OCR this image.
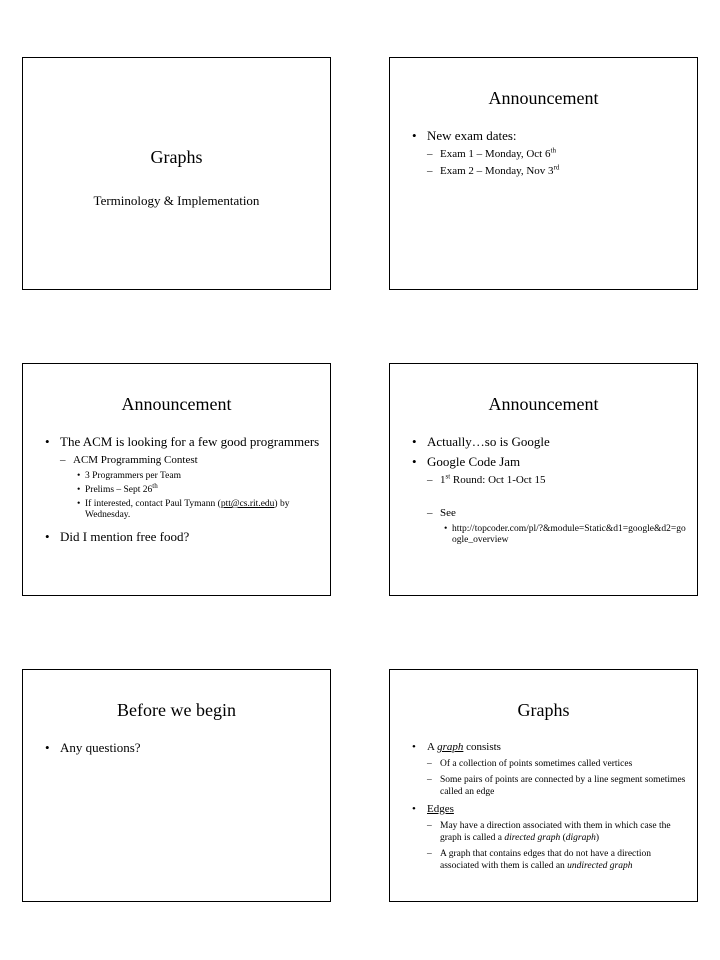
Graphs
Terminology & Implementation
Announcement
• New exam dates:
– Exam 1 – Monday, Oct 6th
– Exam 2 – Monday, Nov 3rd
Announcement
• The ACM is looking for a few good programmers
– ACM Programming Contest
• 3 Programmers per Team
• Prelims – Sept 26th
• If interested, contact Paul Tymann (ptt@cs.rit.edu) by Wednesday.
• Did I mention free food?
Announcement
• Actually…so is Google
• Google Code Jam
– 1st Round: Oct 1-Oct 15
– See
• http://topcoder.com/pl/?&module=Static&d1=google&d2=google_overview
Before we begin
• Any questions?
Graphs
• A graph consists
– Of a collection of points sometimes called vertices
– Some pairs of points are connected by a line segment sometimes called an edge
• Edges
– May have a direction associated with them in which case the graph is called a directed graph (digraph)
– A graph that contains edges that do not have a direction associated with them is called an undirected graph
